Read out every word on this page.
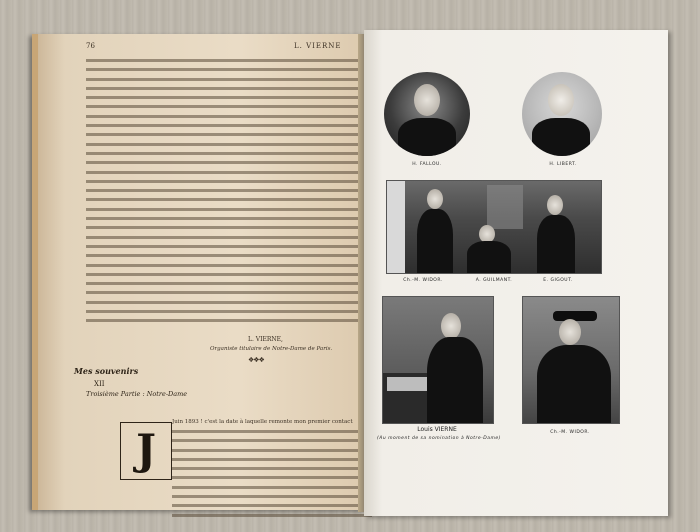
76	L. VIERNE
L. VIERNE,
Organiste titulaire de Notre-Dame de Paris.
❖❖❖
Mes souvenirs
XII
Troisième Partie : Notre-Dame
J
Juin 1893 ! c'est la date à laquelle remonte mon premier contact
H. FALLOU.	H. LIBERT.
Ch.-M. WIDOR.	A. GUILMANT.	E. GIGOUT.
Louis VIERNE
(Au moment de sa nomination à Notre-Dame)
Ch.-M. WIDOR.
